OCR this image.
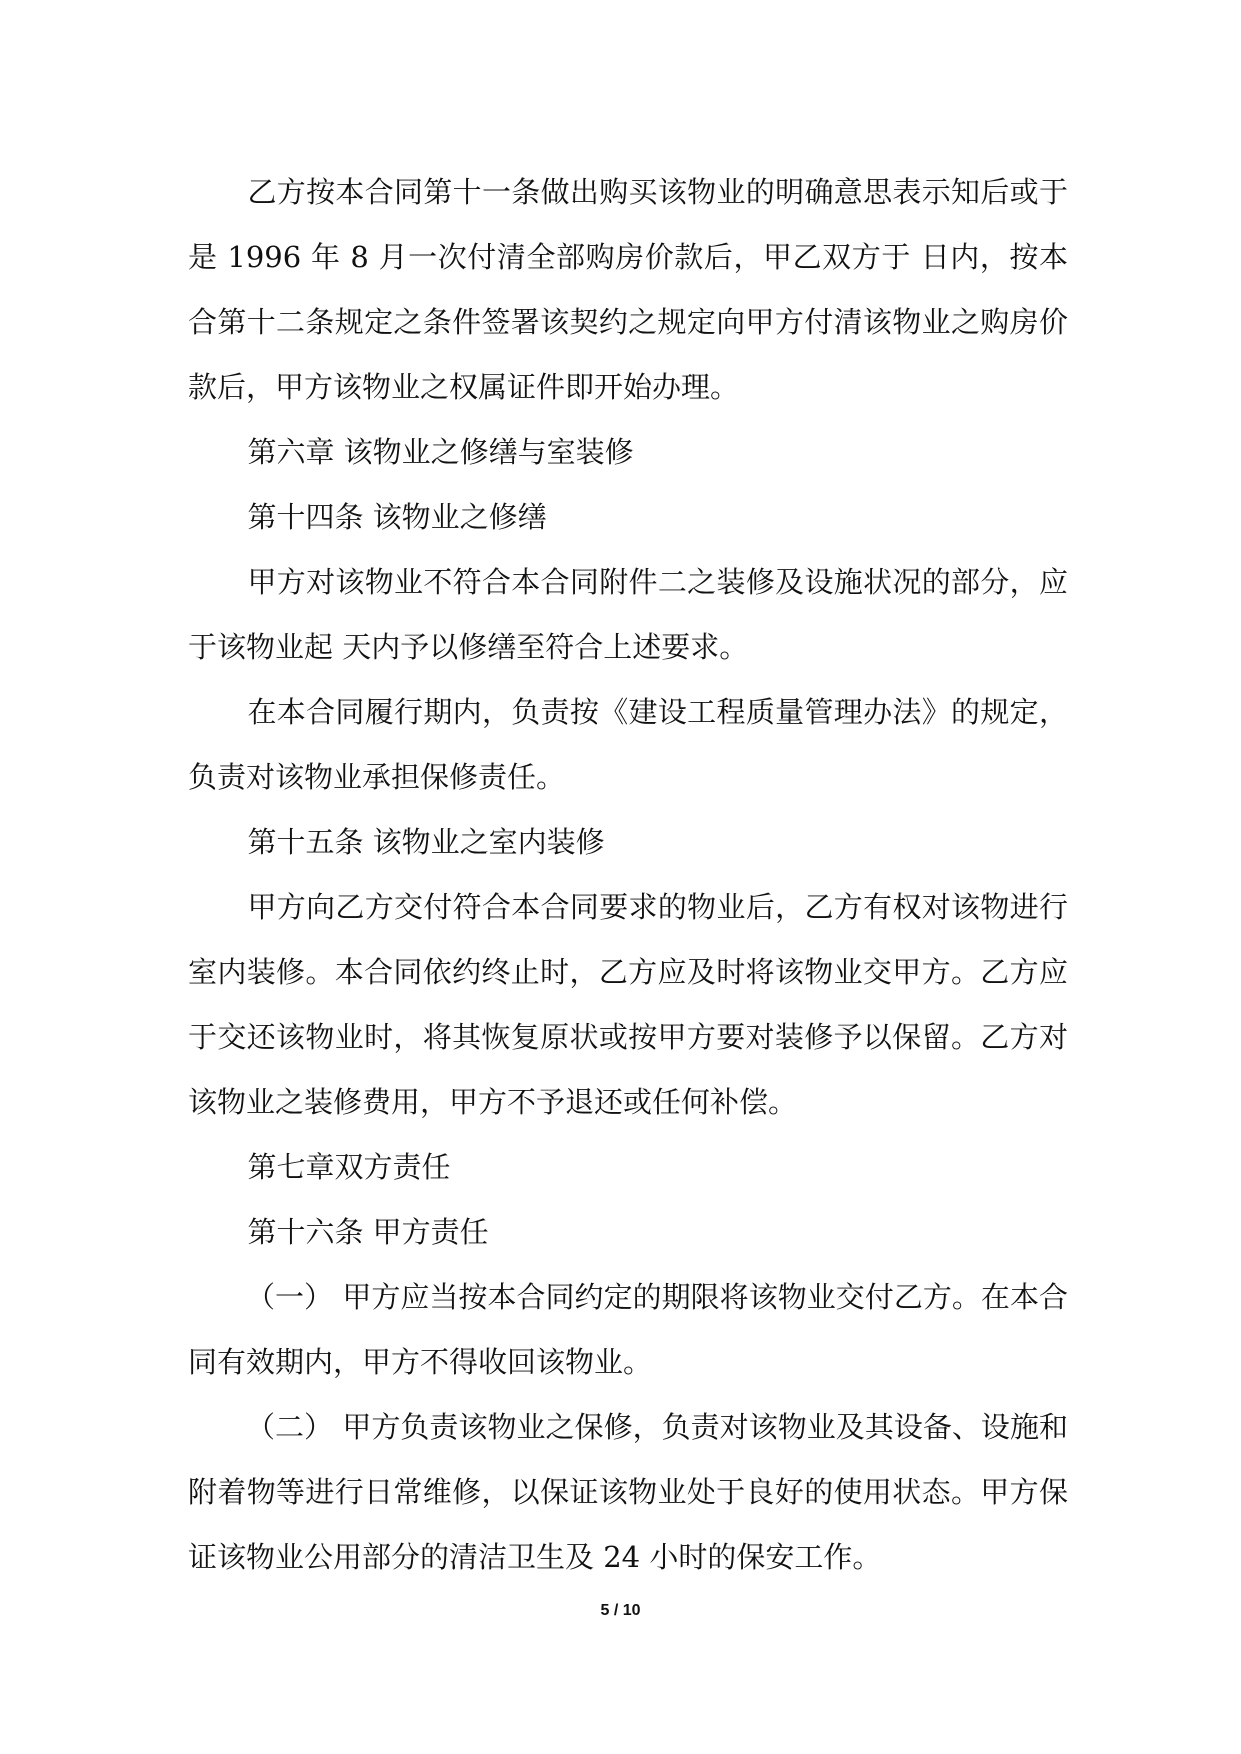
乙方按本合同第十一条做出购买该物业的明确意思表示知后或于是 1996 年 8 月一次付清全部购房价款后，甲乙双方于 日内，按本合第十二条规定之条件签署该契约之规定向甲方付清该物业之购房价款后，甲方该物业之权属证件即开始办理。

第六章 该物业之修缮与室装修

第十四条 该物业之修缮

甲方对该物业不符合本合同附件二之装修及设施状况的部分，应于该物业起 天内予以修缮至符合上述要求。

在本合同履行期内，负责按《建设工程质量管理办法》的规定，负责对该物业承担保修责任。

第十五条 该物业之室内装修

甲方向乙方交付符合本合同要求的物业后，乙方有权对该物进行室内装修。本合同依约终止时，乙方应及时将该物业交甲方。乙方应于交还该物业时，将其恢复原状或按甲方要对装修予以保留。乙方对该物业之装修费用，甲方不予退还或任何补偿。

第七章双方责任

第十六条 甲方责任

（一） 甲方应当按本合同约定的期限将该物业交付乙方。在本合同有效期内，甲方不得收回该物业。

（二） 甲方负责该物业之保修，负责对该物业及其设备、设施和附着物等进行日常维修，以保证该物业处于良好的使用状态。甲方保证该物业公用部分的清洁卫生及 24 小时的保安工作。

5 / 10
